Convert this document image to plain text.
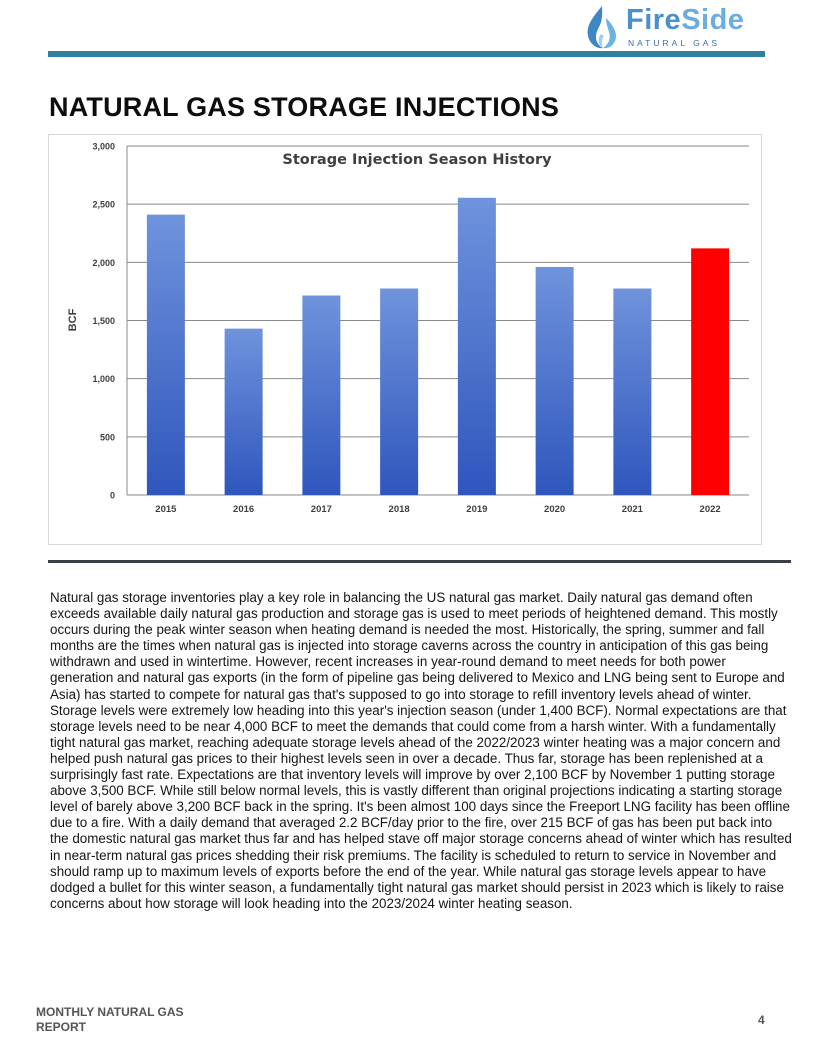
FireSide
NATURAL GAS
NATURAL GAS STORAGE INJECTIONS
0
500
1,000
1,500
2,000
2,500
3,000
2015	2016	2017	2018	2019	2020	2021	2022
Storage Injection Season History
BCF

Natural gas storage inventories play a key role in balancing the US natural gas market. Daily natural gas demand often exceeds available daily natural gas production and storage gas is used to meet periods of heightened demand. This mostly occurs during the peak winter season when heating demand is needed the most. Historically, the spring, summer and fall months are the times when natural gas is injected into storage caverns across the country in anticipation of this gas being withdrawn and used in wintertime. However, recent increases in year-round demand to meet needs for both power generation and natural gas exports (in the form of pipeline gas being delivered to Mexico and LNG being sent to Europe and Asia) has started to compete for natural gas that's supposed to go into storage to refill inventory levels ahead of winter. Storage levels were extremely low heading into this year's injection season (under 1,400 BCF). Normal expectations are that storage levels need to be near 4,000 BCF to meet the demands that could come from a harsh winter. With a fundamentally tight natural gas market, reaching adequate storage levels ahead of the 2022/2023 winter heating was a major concern and helped push natural gas prices to their highest levels seen in over a decade. Thus far, storage has been replenished at a surprisingly fast rate. Expectations are that inventory levels will improve by over 2,100 BCF by November 1 putting storage above 3,500 BCF. While still below normal levels, this is vastly different than original projections indicating a starting storage level of barely above 3,200 BCF back in the spring. It's been almost 100 days since the Freeport LNG facility has been offline due to a fire. With a daily demand that averaged 2.2 BCF/day prior to the fire, over 215 BCF of gas has been put back into the domestic natural gas market thus far and has helped stave off major storage concerns ahead of winter which has resulted in near-term natural gas prices shedding their risk premiums. The facility is scheduled to return to service in November and should ramp up to maximum levels of exports before the end of the year. While natural gas storage levels appear to have dodged a bullet for this winter season, a fundamentally tight natural gas market should persist in 2023 which is likely to raise concerns about how storage will look heading into the 2023/2024 winter heating season.

MONTHLY NATURAL GAS REPORT	4
